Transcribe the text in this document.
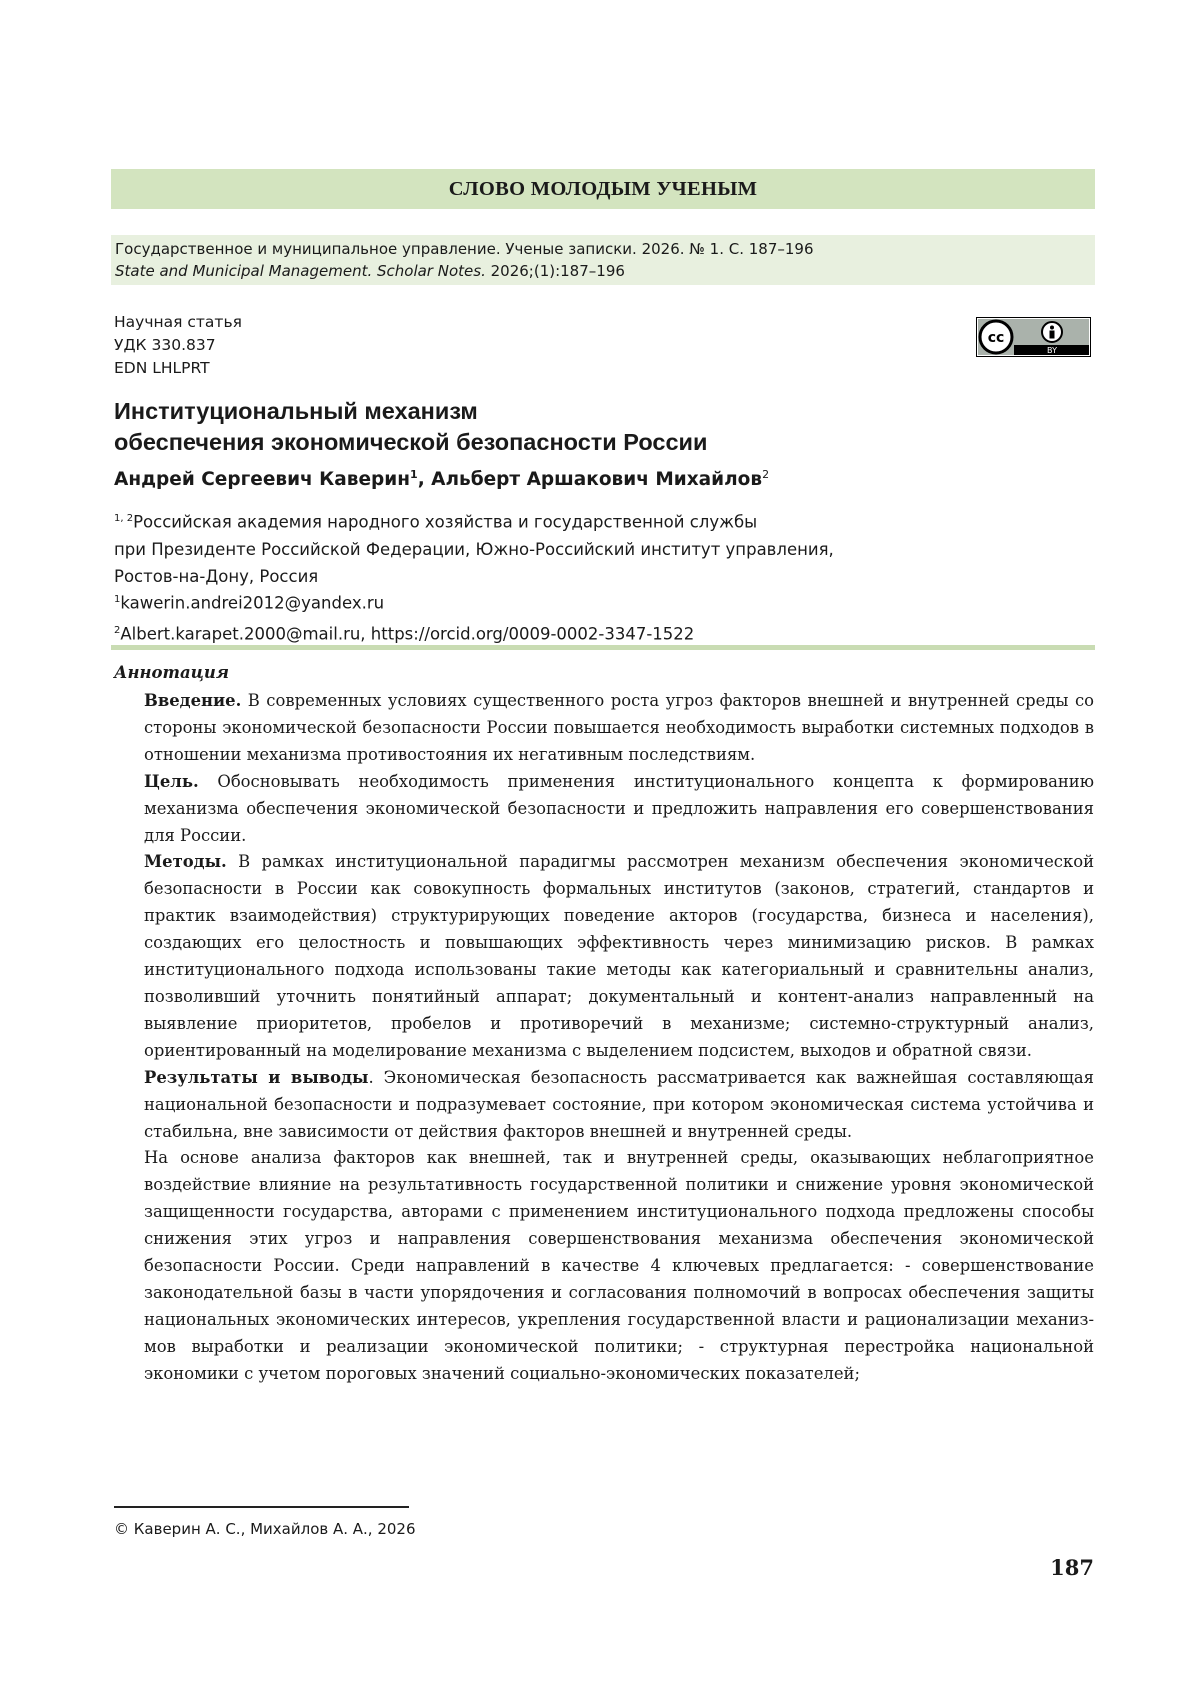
СЛОВО МОЛОДЫМ УЧЕНЫМ
Государственное и муниципальное управление. Ученые записки. 2026. № 1. С. 187–196
State and Municipal Management. Scholar Notes. 2026;(1):187–196
Научная статья
УДК 330.837
EDN LHLPRT
BY
cc
Институциональный механизм
обеспечения экономической безопасности России
Андрей Сергеевич Каверин$^1$, Альберт Аршакович Михайлов$^2$
$^{1, 2}$Российская академия народного хозяйства и государственной службы
при Президенте Российской Федерации, Южно-Российский институт управления,
Ростов-на-Дону, Россия
$^1$kawerin.andrei2012@yandex.ru
$^2$Albert.karapet.2000@mail.ru, https://orcid.org/0009-0002-3347-1522
Аннотация

Введение. В современных условиях существенного роста угроз факторов внешней и внутренней среды со стороны экономической безопасности России повышается необходимость выработки системных подходов в отношении механизма противостояния их негативным последствиям.

Цель. Обосновывать необходимость применения институционального концепта к формированию механизма обеспечения экономической безопасности и предложить направления его совершенствования для России.

Методы. В рамках институциональной парадигмы рассмотрен механизм обеспечения экономической безопасности в России как совокупность формальных институтов (законов, стратегий, стандартов и практик взаимодействия) структурирующих поведение акторов (государства, бизнеса и населения), создающих его целостность и повышающих эффективность через минимизацию рисков. В рамках институционального подхода использованы такие методы как категориальный и сравнительны анализ, позволивший уточнить понятийный аппарат; документальный и контент-анализ направленный на выявление приоритетов, пробелов и противоречий в механизме; системно-структурный анализ, ориентированный на моделирование механизма с выделением подсистем, выходов и обратной связи.

Результаты и выводы. Экономическая безопасность рассматривается как важнейшая составляющая национальной безопасности и подразумевает состояние, при котором экономическая система устойчива и стабильна, вне зависимости от действия факторов внешней и внутренней среды.

На основе анализа факторов как внешней, так и внутренней среды, оказывающих неблагоприятное воздействие влияние на результативность государственной политики и снижение уровня экономической защищенности государства, авторами с применением институционального подхода предложены способы снижения этих угроз и направления совершенствования механизма обеспечения экономической безопасности России. Среди направлений в качестве 4 ключевых предлагается: - совершенствование законодательной базы в части упорядочения и согласования полномочий в вопросах обеспечения защиты национальных экономических интересов, укрепления государственной власти и рационализации механизмов выработки и реализации экономической политики; - структурная перестройка национальной экономики с учетом пороговых значений социально-экономических показателей;

© Каверин А. С., Михайлов А. А., 2026
187
